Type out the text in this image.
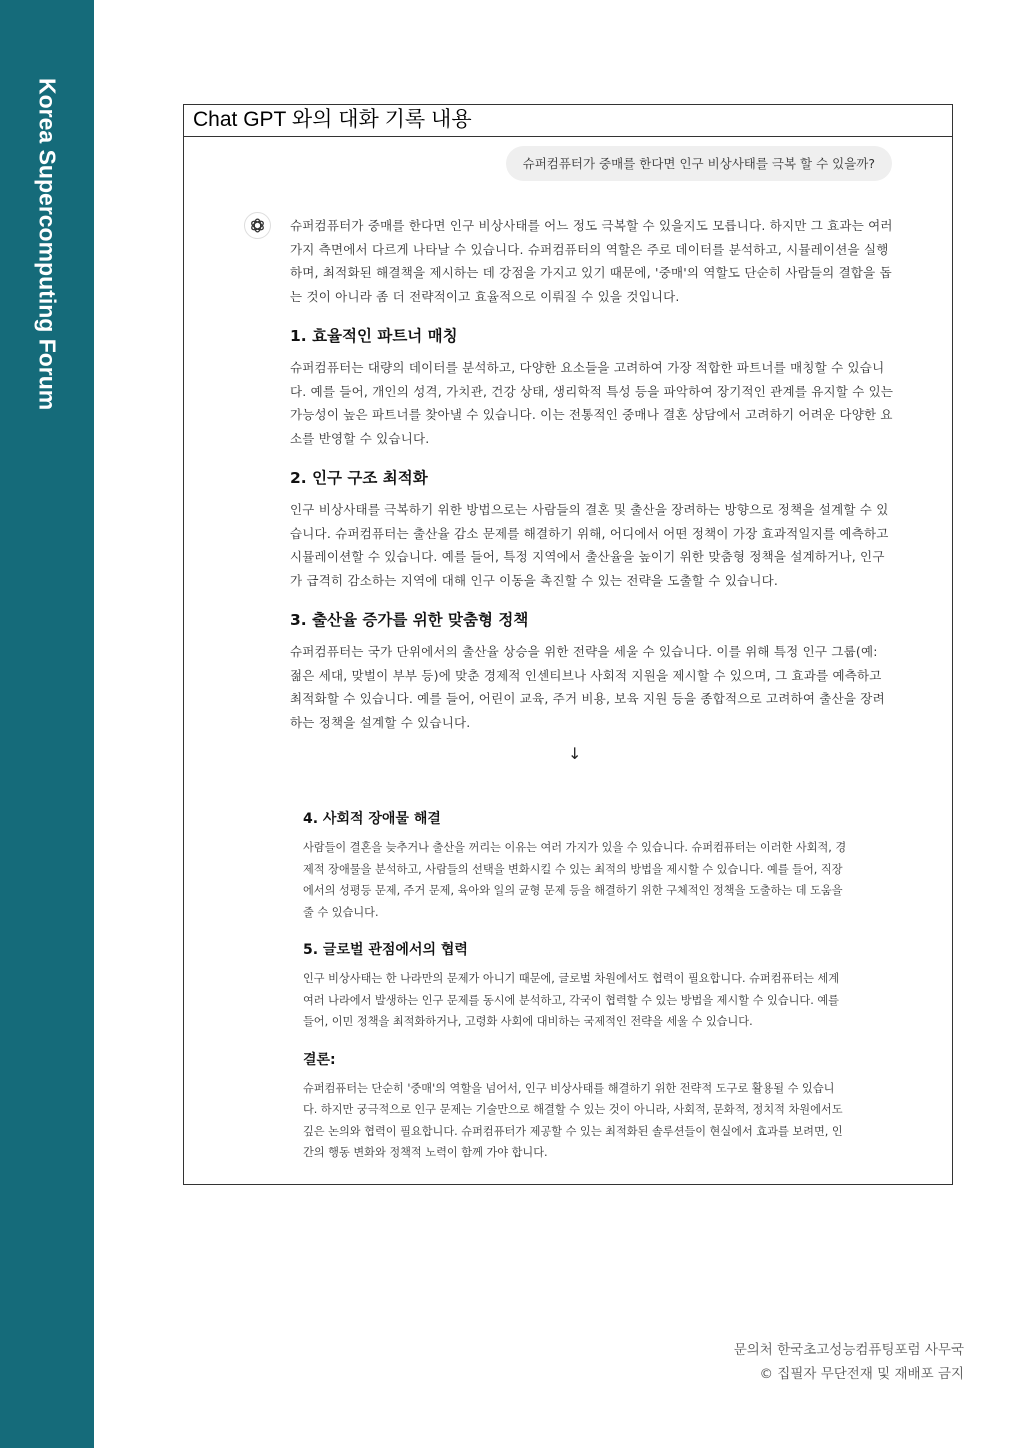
Korea Supercomputing Forum	Chat GPT 와의 대화 기록 내용
슈퍼컴퓨터가 중매를 한다면 인구 비상사태를 극복 할 수 있을까?

슈퍼컴퓨터가 중매를 한다면 인구 비상사태를 어느 정도 극복할 수 있을지도 모릅니다. 하지만 그 효과는 여러 가지 측면에서 다르게 나타날 수 있습니다. 슈퍼컴퓨터의 역할은 주로 데이터를 분석하고, 시뮬레이션을 실행하며, 최적화된 해결책을 제시하는 데 강점을 가지고 있기 때문에, '중매'의 역할도 단순히 사람들의 결합을 돕는 것이 아니라 좀 더 전략적이고 효율적으로 이뤄질 수 있을 것입니다.

1. 효율적인 파트너 매칭

슈퍼컴퓨터는 대량의 데이터를 분석하고, 다양한 요소들을 고려하여 가장 적합한 파트너를 매칭할 수 있습니다. 예를 들어, 개인의 성격, 가치관, 건강 상태, 생리학적 특성 등을 파악하여 장기적인 관계를 유지할 수 있는 가능성이 높은 파트너를 찾아낼 수 있습니다. 이는 전통적인 중매나 결혼 상담에서 고려하기 어려운 다양한 요소를 반영할 수 있습니다.

2. 인구 구조 최적화

인구 비상사태를 극복하기 위한 방법으로는 사람들의 결혼 및 출산을 장려하는 방향으로 정책을 설계할 수 있습니다. 슈퍼컴퓨터는 출산율 감소 문제를 해결하기 위해, 어디에서 어떤 정책이 가장 효과적일지를 예측하고 시뮬레이션할 수 있습니다. 예를 들어, 특정 지역에서 출산율을 높이기 위한 맞춤형 정책을 설계하거나, 인구가 급격히 감소하는 지역에 대해 인구 이동을 촉진할 수 있는 전략을 도출할 수 있습니다.

3. 출산율 증가를 위한 맞춤형 정책

슈퍼컴퓨터는 국가 단위에서의 출산율 상승을 위한 전략을 세울 수 있습니다. 이를 위해 특정 인구 그룹(예: 젊은 세대, 맞벌이 부부 등)에 맞춘 경제적 인센티브나 사회적 지원을 제시할 수 있으며, 그 효과를 예측하고 최적화할 수 있습니다. 예를 들어, 어린이 교육, 주거 비용, 보육 지원 등을 종합적으로 고려하여 출산을 장려하는 정책을 설계할 수 있습니다.

↓
4. 사회적 장애물 해결

사람들이 결혼을 늦추거나 출산을 꺼리는 이유는 여러 가지가 있을 수 있습니다. 슈퍼컴퓨터는 이러한 사회적, 경제적 장애물을 분석하고, 사람들의 선택을 변화시킬 수 있는 최적의 방법을 제시할 수 있습니다. 예를 들어, 직장에서의 성평등 문제, 주거 문제, 육아와 일의 균형 문제 등을 해결하기 위한 구체적인 정책을 도출하는 데 도움을 줄 수 있습니다.

5. 글로벌 관점에서의 협력

인구 비상사태는 한 나라만의 문제가 아니기 때문에, 글로벌 차원에서도 협력이 필요합니다. 슈퍼컴퓨터는 세계 여러 나라에서 발생하는 인구 문제를 동시에 분석하고, 각국이 협력할 수 있는 방법을 제시할 수 있습니다. 예를 들어, 이민 정책을 최적화하거나, 고령화 사회에 대비하는 국제적인 전략을 세울 수 있습니다.

결론:

슈퍼컴퓨터는 단순히 '중매'의 역할을 넘어서, 인구 비상사태를 해결하기 위한 전략적 도구로 활용될 수 있습니다. 하지만 궁극적으로 인구 문제는 기술만으로 해결할 수 있는 것이 아니라, 사회적, 문화적, 정치적 차원에서도 깊은 논의와 협력이 필요합니다. 슈퍼컴퓨터가 제공할 수 있는 최적화된 솔루션들이 현실에서 효과를 보려면, 인간의 행동 변화와 정책적 노력이 함께 가야 합니다.

문의처 한국초고성능컴퓨팅포럼 사무국
© 집필자 무단전재 및 재배포 금지
